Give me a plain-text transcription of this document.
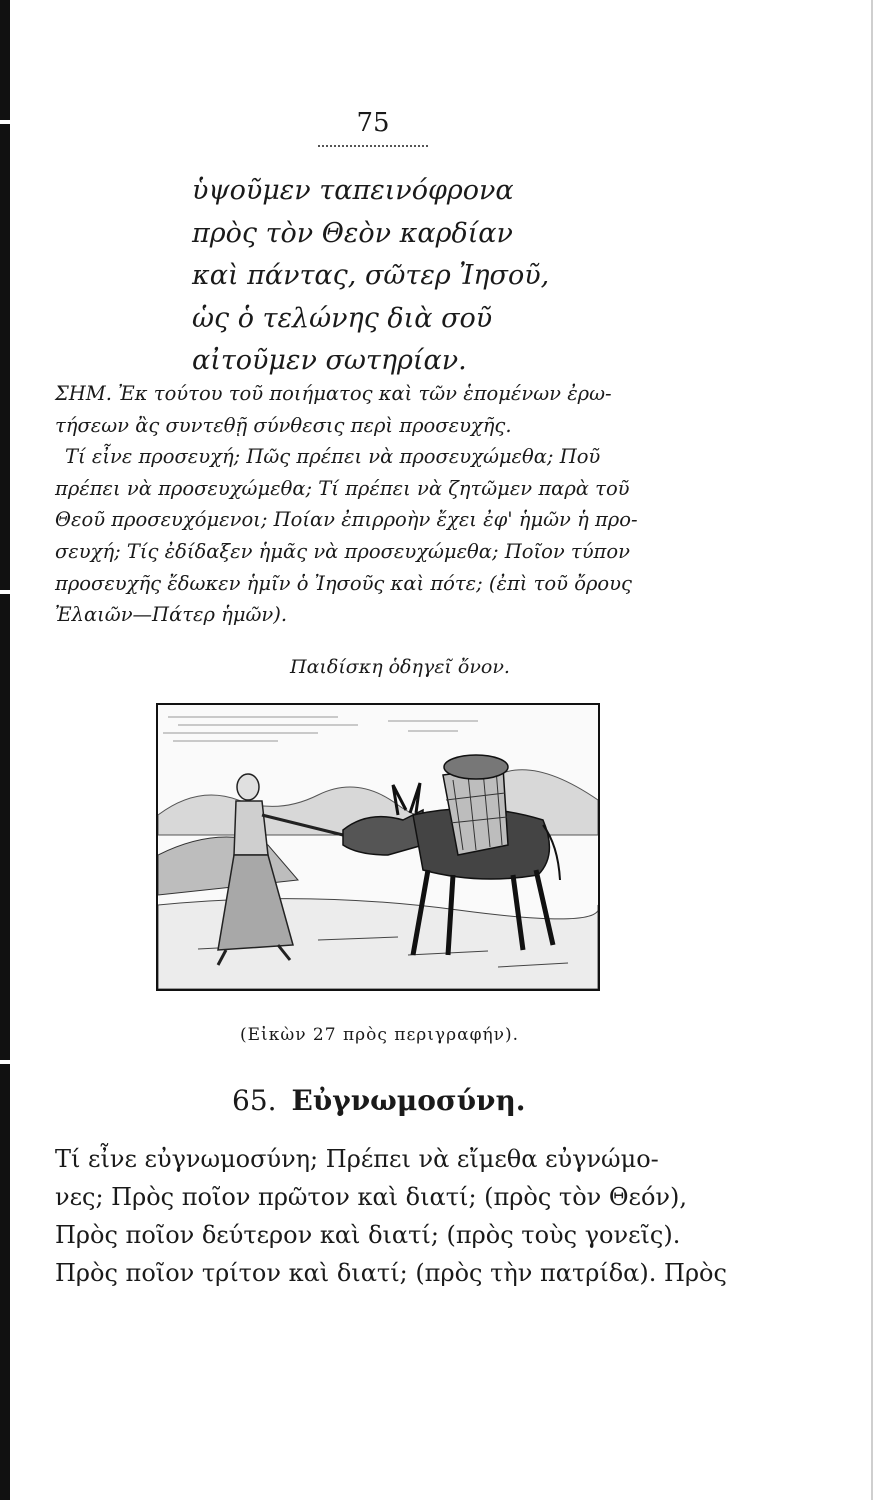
75
ὑψοῦμεν ταπεινόφρονα
πρὸς τὸν Θεὸν καρδίαν
καὶ πάντας, σῶτερ Ἰησοῦ,
ὡς ὁ τελώνης διὰ σοῦ
αἰτοῦμεν σωτηρίαν.
ΣΗΜ. Ἐκ τούτου τοῦ ποιήματος καὶ τῶν ἑπομένων ἐρω-
τήσεων ἂς συντεθῇ σύνθεσις περὶ προσευχῆς.
Τί εἶνε προσευχή; Πῶς πρέπει νὰ προσευχώμεθα; Ποῦ
πρέπει νὰ προσευχώμεθα; Τί πρέπει νὰ ζητῶμεν παρὰ τοῦ
Θεοῦ προσευχόμενοι; Ποίαν ἐπιρροὴν ἔχει ἐφ' ἡμῶν ἡ προ-
σευχή; Τίς ἐδίδαξεν ἡμᾶς νὰ προσευχώμεθα; Ποῖον τύπον
προσευχῆς ἔδωκεν ἡμῖν ὁ Ἰησοῦς καὶ πότε; (ἐπὶ τοῦ ὄρους
Ἐλαιῶν—Πάτερ ἡμῶν).
Παιδίσκη ὁδηγεῖ ὄνον.
(Εἰκὼν 27 πρὸς περιγραφήν).
65. Εὐγνωμοσύνη.
Τί εἶνε εὐγνωμοσύνη; Πρέπει νὰ εἴμεθα εὐγνώμο-
νες; Πρὸς ποῖον πρῶτον καὶ διατί; (πρὸς τὸν Θεόν),
Πρὸς ποῖον δεύτερον καὶ διατί; (πρὸς τοὺς γονεῖς).
Πρὸς ποῖον τρίτον καὶ διατί; (πρὸς τὴν πατρίδα). Πρὸς
